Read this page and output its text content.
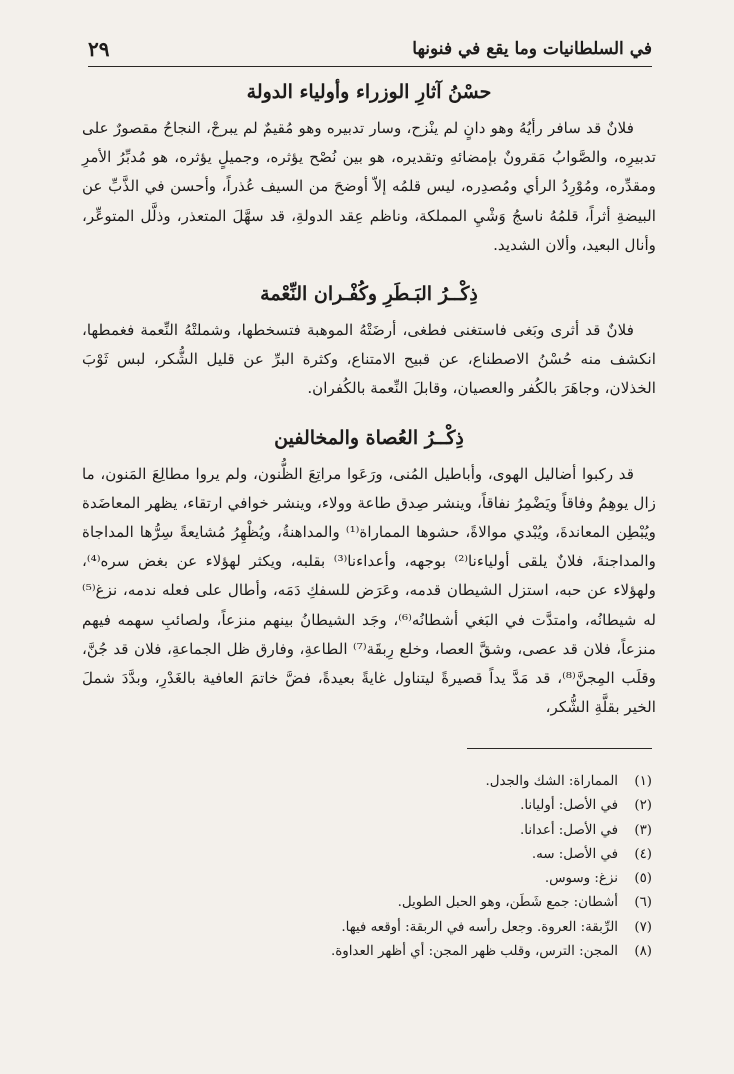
في السلطانيات وما يقع في فنونها
٢٩
حسْنُ آثارِ الوزراء وأولياء الدولة

فلانٌ قد سافر رأيُهُ وهو دانٍ لم ينْزح، وسار تدبيره وهو مُقيمٌ لم يبرحْ، النجاحُ مقصورٌ على تدبيرِه، والصَّوابُ مَقرونٌ بإمضائهِ وتقديره، هو بين نُصْح يؤثره، وجميلٍ يؤثره، هو مُدبِّرُ الأمرِ ومقدِّره، ومُوْرِدُ الرأي ومُصدِره، ليس قلمُه إلاّ أوضحَ من السيف عُذراً، وأحسن في الذَّبِّ عن البيضةِ أثراً، قلمُهُ ناسجُ وَشْيِ المملكة، وناظم عِقد الدولةِ، قد سهَّلَ المتعذر، وذلَّل المتوعِّر، وأنال البعيد، وألان الشديد.

ذِكْــرُ البَـطَرِ وكُفْـران النِّعْمة

فلانٌ قد أثرى وبَغى فاستغنى فطغى، أرضَتْهُ الموهبة فتسخطها، وشملتْهُ النِّعمة فغمطها، انكشف منه حُسْنُ الاصطناع، عن قبيح الامتناع، وكثرة البرِّ عن قليل الشُّكر، لبس ثَوْبَ الخذلان، وجاهَرَ بالكُفر والعصيان، وقابلَ النِّعمة بالكُفران.

ذِكْــرُ العُصاة والمخالفين

قد ركبوا أضاليل الهوى، وأباطيل المُنى، ورَعَوا مراتِعَ الظُّنون، ولم يروا مطالِعَ المَنون، ما زال يوهِمُ وفاقاً ويَضْمِرُ نفاقاً، وينشر صِدق طاعة وولاء، وينشر خوافي ارتقاء، يظهر المعاضَدة ويُبْطِن المعاندةَ، ويُبْدي موالاةً، حشوها المماراة⁽¹⁾ والمداهنةُ، ويُظْهِرُ مُشايعةً سِرُّها المداجاة والمداجنةَ، فلانٌ يلقى أولياءنا⁽²⁾ بوجهه، وأعداءنا⁽³⁾ بقلبه، ويكثر لهؤلاء عن بغض سره⁽⁴⁾، ولهؤلاء عن حبه، استزل الشيطان قدمه، وعَرَض للسفكِ دَمَه، وأطال على فعله ندمه، نزغ⁽⁵⁾ له شيطانُه، وامتدَّت في البَغي أشطانُه⁽⁶⁾، وجَد الشيطانُ بينهم منزعاً، ولصائبِ سهمه فيهم منزعاً، فلان قد عصى، وشقَّ العصا، وخلع رِبقَة⁽⁷⁾ الطاعةِ، وفارق ظل الجماعةِ، فلان قد جُنَّ، وقلَب المِجنَّ⁽⁸⁾، قد مَدَّ يداً قصيرةً ليتناول غايةً بعيدةً، فضَّ خاتمَ العافية بالغَدْرِ، وبدَّدَ شملَ الخير بقلَّةِ الشُّكر،

(١)المماراة: الشك والجدل.
(٢)في الأصل: أوليانا.
(٣)في الأصل: أعدانا.
(٤)في الأصل: سه.
(٥)نزغ: وسوس.
(٦)أشطان: جمع شَطَن، وهو الحبل الطويل.
(٧)الرِّبقة: العروة. وجعل رأسه في الربقة: أوقعه فيها.
(٨)المجن: الترس، وقلب ظهر المجن: أي أظهر العداوة.
